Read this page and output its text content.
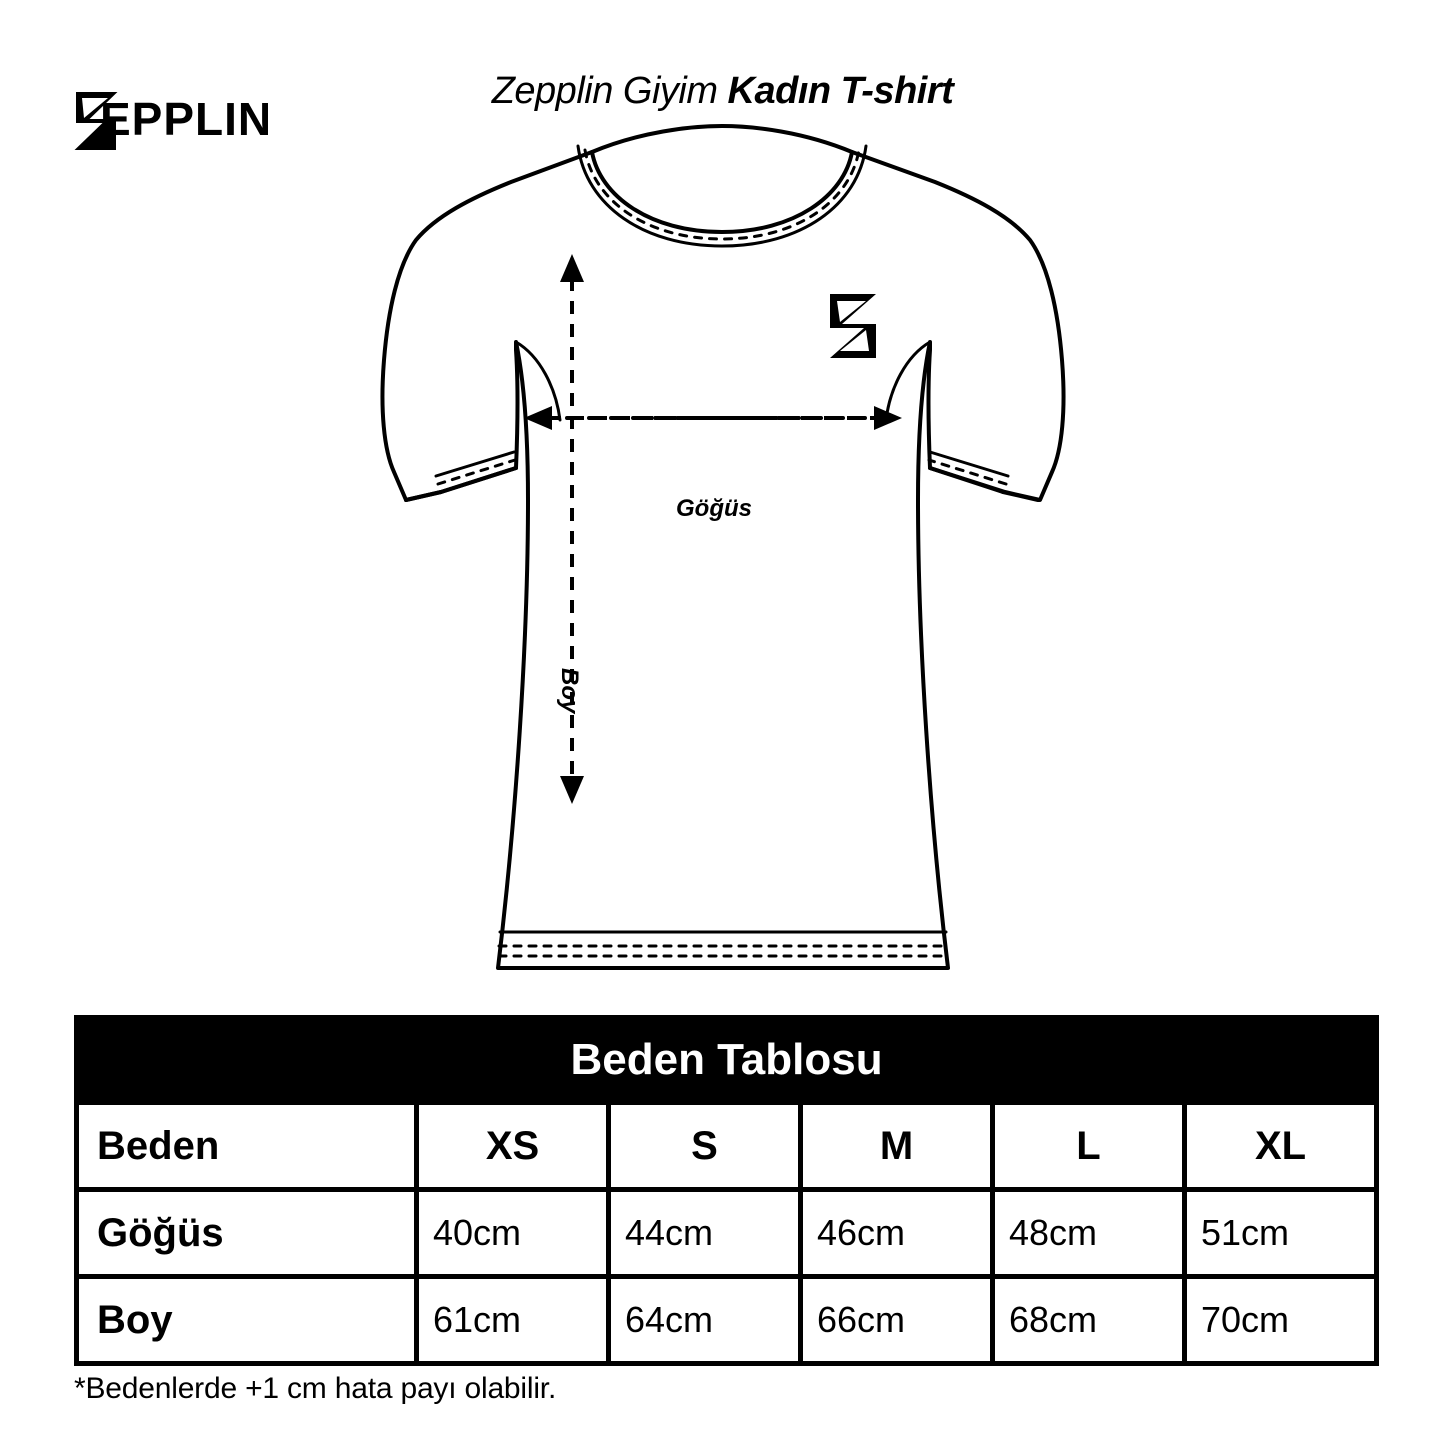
EPPLIN
Zepplin Giyim Kadın T-shirt
Göğüs
Boy
Beden Tablosu					
Beden	XS	S	M	L	XL
Göğüs	40cm	44cm	46cm	48cm	51cm
Boy	61cm	64cm	66cm	68cm	70cm
*Bedenlerde +1 cm hata payı olabilir.
